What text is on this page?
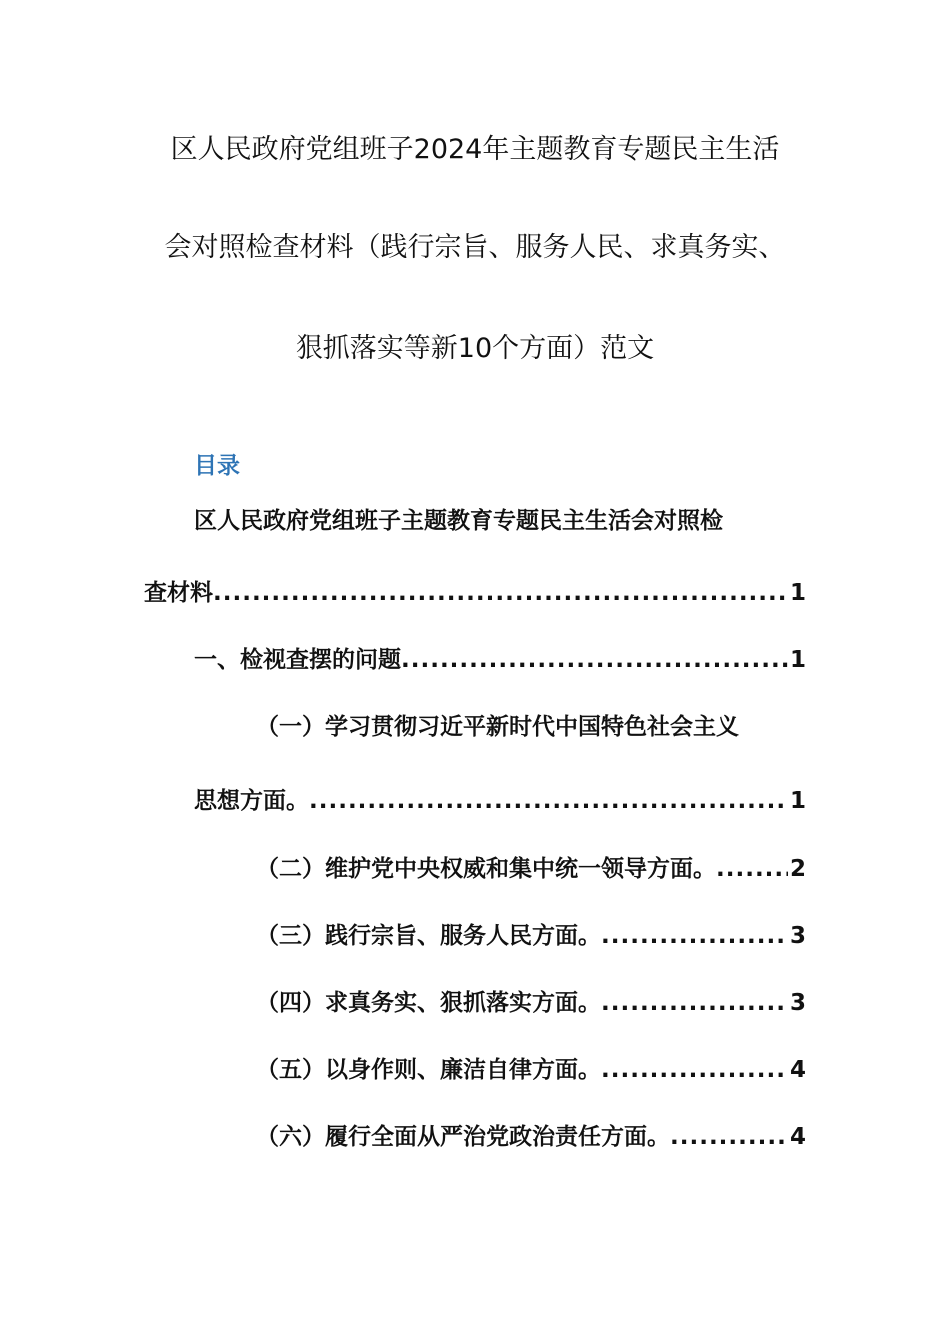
区人民政府党组班子2024年主题教育专题民主生活
会对照检查材料（践行宗旨、服务人民、求真务实、
狠抓落实等新10个方面）范文
目录
区人民政府党组班子主题教育专题民主生活会对照检
查材料 .....	1
一、检视查摆的问题 .....	1
（一）学习贯彻习近平新时代中国特色社会主义
思想方面。 .....	1
（二）维护党中央权威和集中统一领导方面。 .....	2
（三）践行宗旨、服务人民方面。 .....	3
（四）求真务实、狠抓落实方面。 .....	3
（五）以身作则、廉洁自律方面。 .....	4
（六）履行全面从严治党政治责任方面。 .....	4
